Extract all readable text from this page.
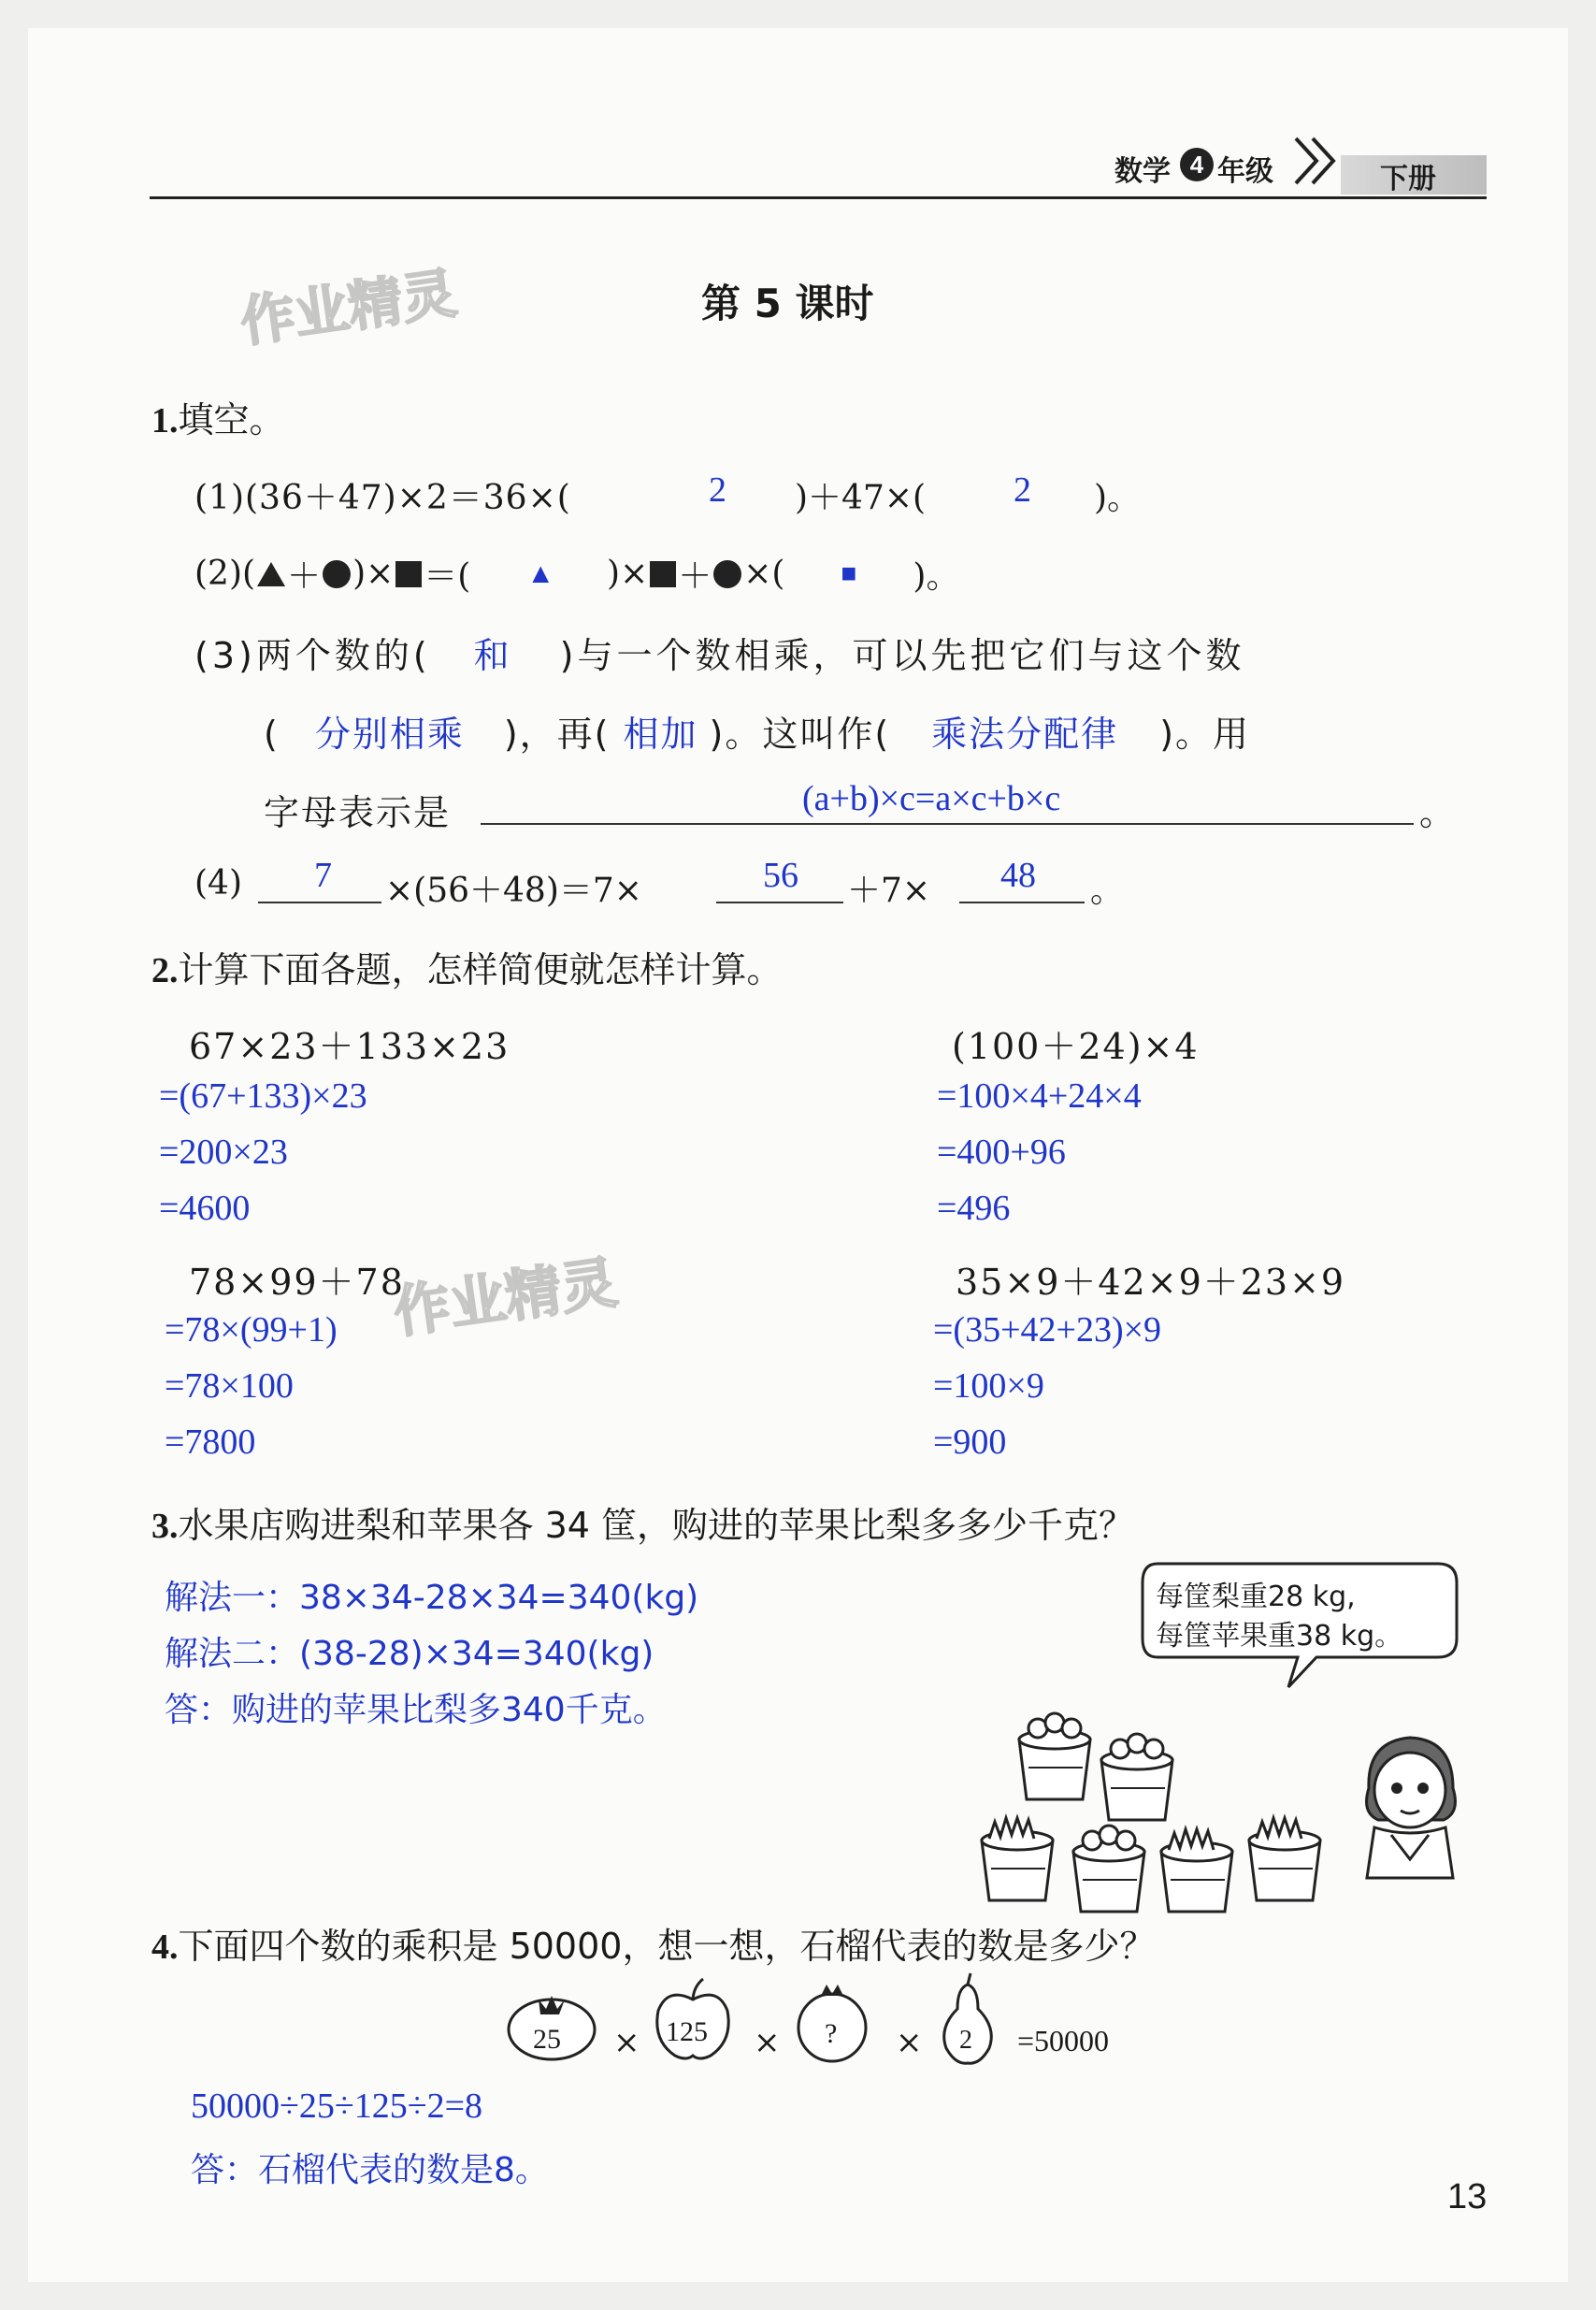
数学 4 年级	下册
作业精灵
作业精灵
第 5 课时
1.填空。
(1)(36＋47)×2＝36×(	2 )＋47×( 2 )。
(2) ( ＋ )× ＝( ▲ )× ＋ ×( ■ )。
(3)两个数的( 和 )与一个数相乘，可以先把它们与这个数
( 分别相乘 )，再( 相加 )。这叫作( 乘法分配律 )。用
字母表示是	(a+b)×c=a×c+b×c	。
(4) 7 ×(56＋48)＝7×	56 ＋7× 48 。
2.计算下面各题，怎样简便就怎样计算。
67×23＋133×23
=(67+133)×23
=200×23
=4600
(100＋24)×4
=100×4+24×4
=400+96
=496
78×99＋78
=78×(99+1)
=78×100
=7800
35×9＋42×9＋23×9
=(35+42+23)×9
=100×9
=900
3.水果店购进梨和苹果各 34 筐，购进的苹果比梨多多少千克？
解法一：38×34-28×34=340(kg)
解法二：(38-28)×34=340(kg)
答：购进的苹果比梨多340千克。
每筐梨重28 kg,
每筐苹果重38 kg。
4.下面四个数的乘积是 50000，想一想，石榴代表的数是多少？
25 × 125 × ? × 2 =50000
50000÷25÷125÷2=8
答：石榴代表的数是8。
13
